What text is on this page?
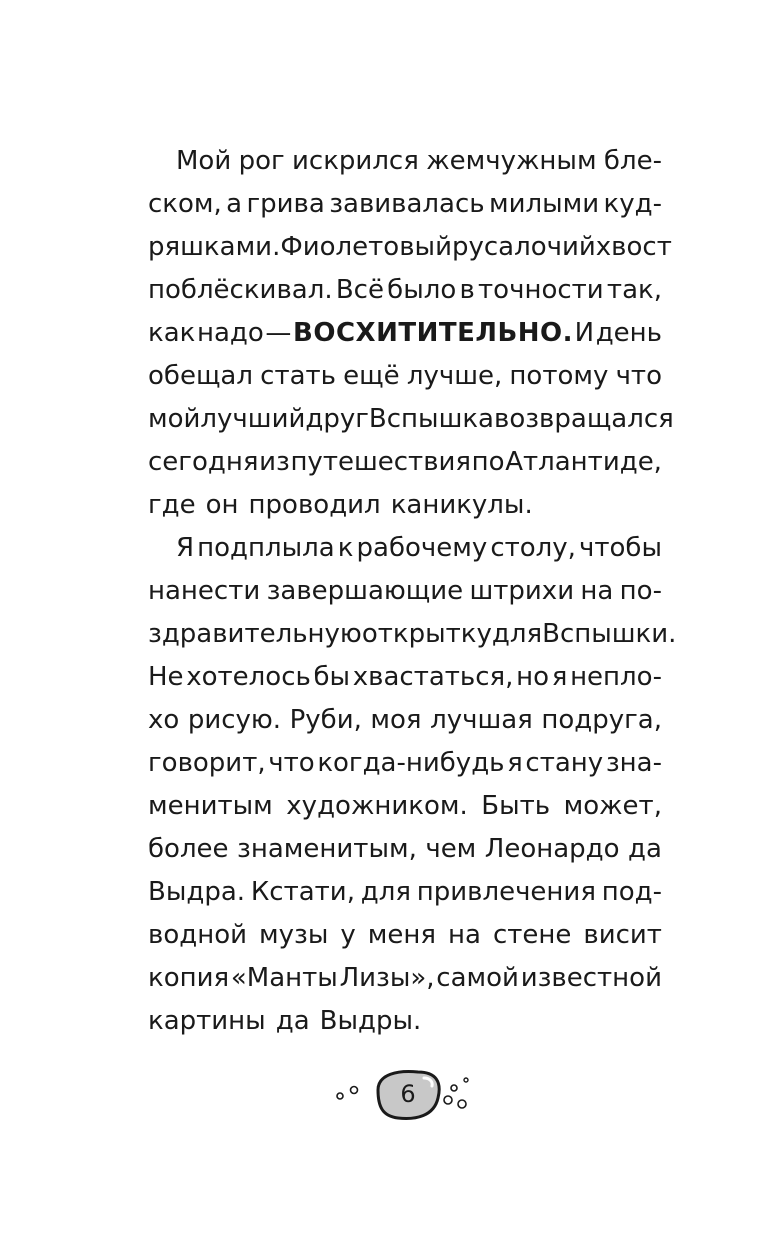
Мой рог искрился жемчужным бле-
ском, а грива завивалась милыми куд-
ряшками. Фиолетовый русалочий хвост
поблёскивал. Всё было в точности так,
как надо — ВОСХИТИТЕЛЬНО. И день
обещал стать ещё лучше, потому что
мой лучший друг Вспышка возвращался
сегодня из путешествия по Атлантиде,
где он проводил каникулы.
Я подплыла к рабочему столу, чтобы
нанести завершающие штрихи на по-
здравительную открытку для Вспышки.
Не хотелось бы хвастаться, но я непло-
хо рисую. Руби, моя лучшая подруга,
говорит, что когда-нибудь я стану зна-
менитым художником. Быть может,
более знаменитым, чем Леонардо да
Выдра. Кстати, для привлечения под-
водной музы у меня на стене висит
копия «Манты Лизы», самой известной
картины да Выдры.
6
